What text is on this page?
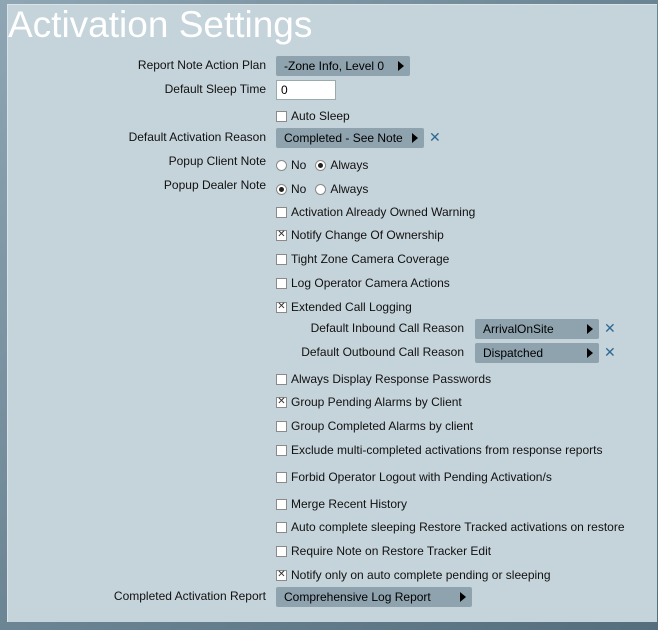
Activation Settings
Report Note Action Plan -Zone Info, Level 0
Default Sleep Time
0
Auto Sleep
Default Activation Reason Completed - See Note ✕
Popup Client Note No Always
Popup Dealer Note No Always
Activation Already Owned Warning
✕
Notify Change Of Ownership
Tight Zone Camera Coverage
Log Operator Camera Actions
✕
Extended Call Logging
Default Inbound Call Reason ArrivalOnSite	✕
Default Outbound Call Reason Dispatched	✕
Always Display Response Passwords
✕
Group Pending Alarms by Client
Group Completed Alarms by client
Exclude multi-completed activations from response reports
Forbid Operator Logout with Pending Activation/s
Merge Recent History
Auto complete sleeping Restore Tracked activations on restore
Require Note on Restore Tracker Edit
✕
Notify only on auto complete pending or sleeping
Completed Activation Report Comprehensive Log Report
